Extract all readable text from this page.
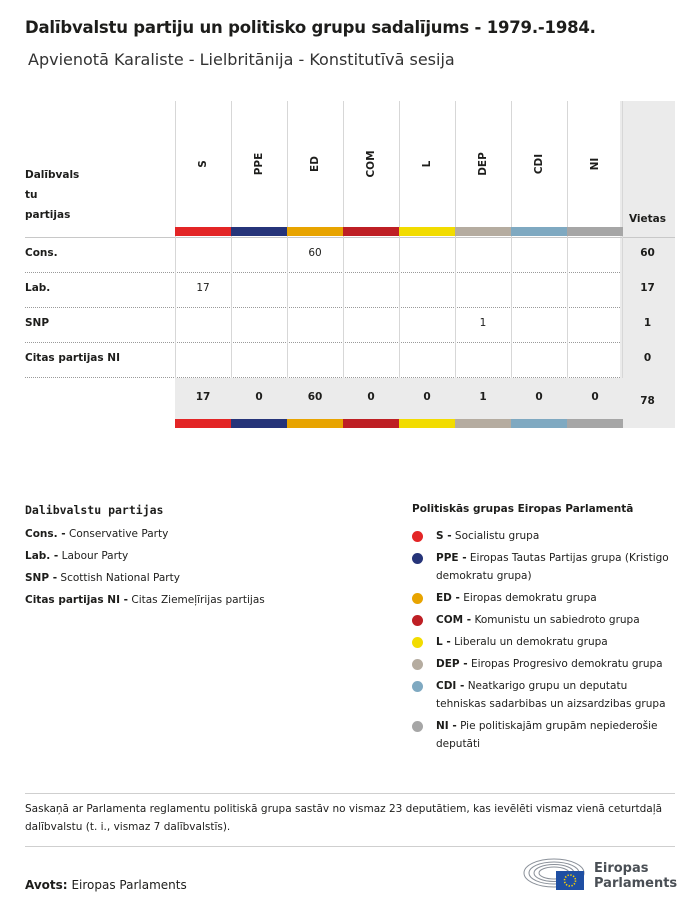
Dalībvalstu partiju un politisko grupu sadalījums - 1979.-1984.
Apvienotā Karaliste - Lielbritānija - Konstitutīvā sesija
Dalībvals
tu
partijas	Vietas
Cons.
Lab.
SNP
Citas partijas NI
60
17
1
0
78
S
17
17
PPE
0
ED
60
60
COM
0
L
0
DEP
1
1
CDI
0
NI
0
Dalibvalstu partijas
Cons. - Conservative Party
Lab. - Labour Party
SNP - Scottish National Party
Citas partijas NI - Citas Ziemeļīrijas partijas
Politiskās grupas Eiropas Parlamentā
S - Socialistu grupa
PPE - Eiropas Tautas Partijas grupa (Kristigo demokratu grupa)
ED - Eiropas demokratu grupa
COM - Komunistu un sabiedroto grupa
L - Liberalu un demokratu grupa
DEP - Eiropas Progresivo demokratu grupa
CDI - Neatkarigo grupu un deputatu tehniskas sadarbibas un aizsardzibas grupa
NI - Pie politiskajām grupām nepiederošie deputāti
Saskaņā ar Parlamenta reglamentu politiskā grupa sastāv no vismaz 23 deputātiem, kas ievēlēti vismaz vienā ceturtdaļā dalībvalstu (t. i., vismaz 7 dalībvalstīs).
Avots: Eiropas Parlaments
Eiropas
Parlaments
